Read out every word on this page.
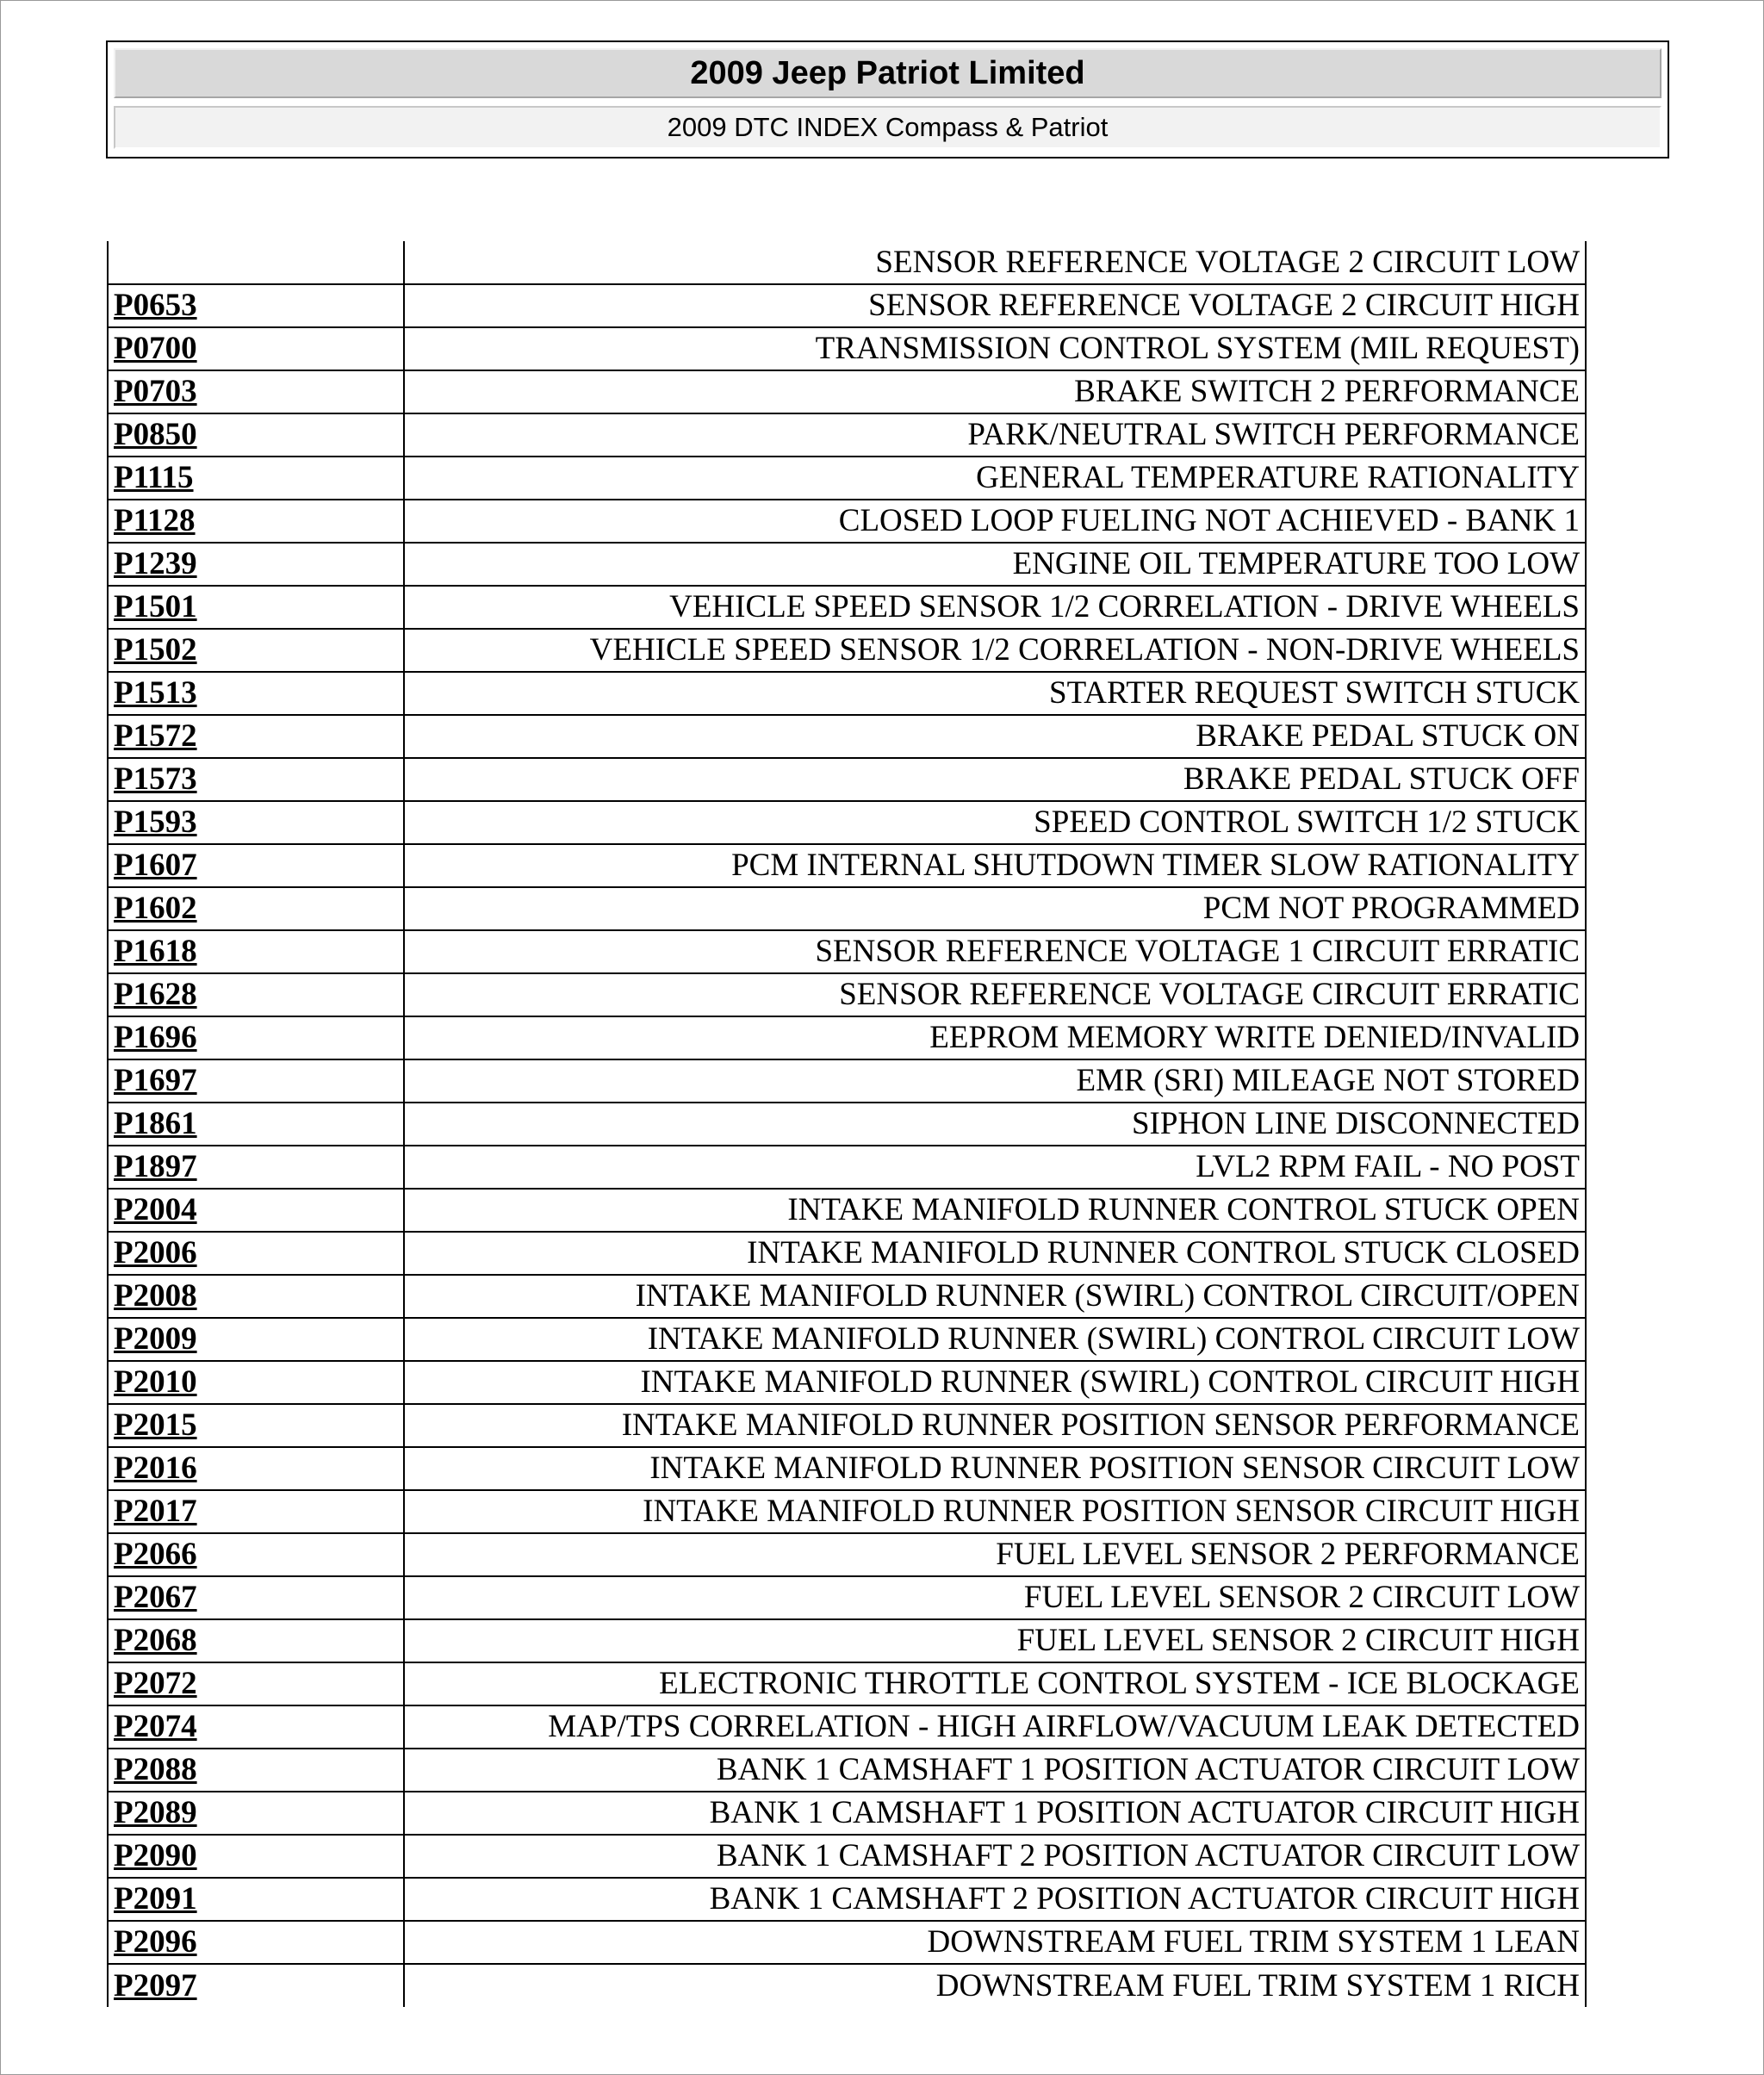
2009 Jeep Patriot Limited
2009 DTC INDEX Compass & Patriot
	SENSOR REFERENCE VOLTAGE 2 CIRCUIT LOW
P0653	SENSOR REFERENCE VOLTAGE 2 CIRCUIT HIGH
P0700	TRANSMISSION CONTROL SYSTEM (MIL REQUEST)
P0703	BRAKE SWITCH 2 PERFORMANCE
P0850	PARK/NEUTRAL SWITCH PERFORMANCE
P1115	GENERAL TEMPERATURE RATIONALITY
P1128	CLOSED LOOP FUELING NOT ACHIEVED - BANK 1
P1239	ENGINE OIL TEMPERATURE TOO LOW
P1501	VEHICLE SPEED SENSOR 1/2 CORRELATION - DRIVE WHEELS
P1502	VEHICLE SPEED SENSOR 1/2 CORRELATION - NON-DRIVE WHEELS
P1513	STARTER REQUEST SWITCH STUCK
P1572	BRAKE PEDAL STUCK ON
P1573	BRAKE PEDAL STUCK OFF
P1593	SPEED CONTROL SWITCH 1/2 STUCK
P1607	PCM INTERNAL SHUTDOWN TIMER SLOW RATIONALITY
P1602	PCM NOT PROGRAMMED
P1618	SENSOR REFERENCE VOLTAGE 1 CIRCUIT ERRATIC
P1628	SENSOR REFERENCE VOLTAGE CIRCUIT ERRATIC
P1696	EEPROM MEMORY WRITE DENIED/INVALID
P1697	EMR (SRI) MILEAGE NOT STORED
P1861	SIPHON LINE DISCONNECTED
P1897	LVL2 RPM FAIL - NO POST
P2004	INTAKE MANIFOLD RUNNER CONTROL STUCK OPEN
P2006	INTAKE MANIFOLD RUNNER CONTROL STUCK CLOSED
P2008	INTAKE MANIFOLD RUNNER (SWIRL) CONTROL CIRCUIT/OPEN
P2009	INTAKE MANIFOLD RUNNER (SWIRL) CONTROL CIRCUIT LOW
P2010	INTAKE MANIFOLD RUNNER (SWIRL) CONTROL CIRCUIT HIGH
P2015	INTAKE MANIFOLD RUNNER POSITION SENSOR PERFORMANCE
P2016	INTAKE MANIFOLD RUNNER POSITION SENSOR CIRCUIT LOW
P2017	INTAKE MANIFOLD RUNNER POSITION SENSOR CIRCUIT HIGH
P2066	FUEL LEVEL SENSOR 2 PERFORMANCE
P2067	FUEL LEVEL SENSOR 2 CIRCUIT LOW
P2068	FUEL LEVEL SENSOR 2 CIRCUIT HIGH
P2072	ELECTRONIC THROTTLE CONTROL SYSTEM - ICE BLOCKAGE
P2074	MAP/TPS CORRELATION - HIGH AIRFLOW/VACUUM LEAK DETECTED
P2088	BANK 1 CAMSHAFT 1 POSITION ACTUATOR CIRCUIT LOW
P2089	BANK 1 CAMSHAFT 1 POSITION ACTUATOR CIRCUIT HIGH
P2090	BANK 1 CAMSHAFT 2 POSITION ACTUATOR CIRCUIT LOW
P2091	BANK 1 CAMSHAFT 2 POSITION ACTUATOR CIRCUIT HIGH
P2096	DOWNSTREAM FUEL TRIM SYSTEM 1 LEAN
P2097	DOWNSTREAM FUEL TRIM SYSTEM 1 RICH
